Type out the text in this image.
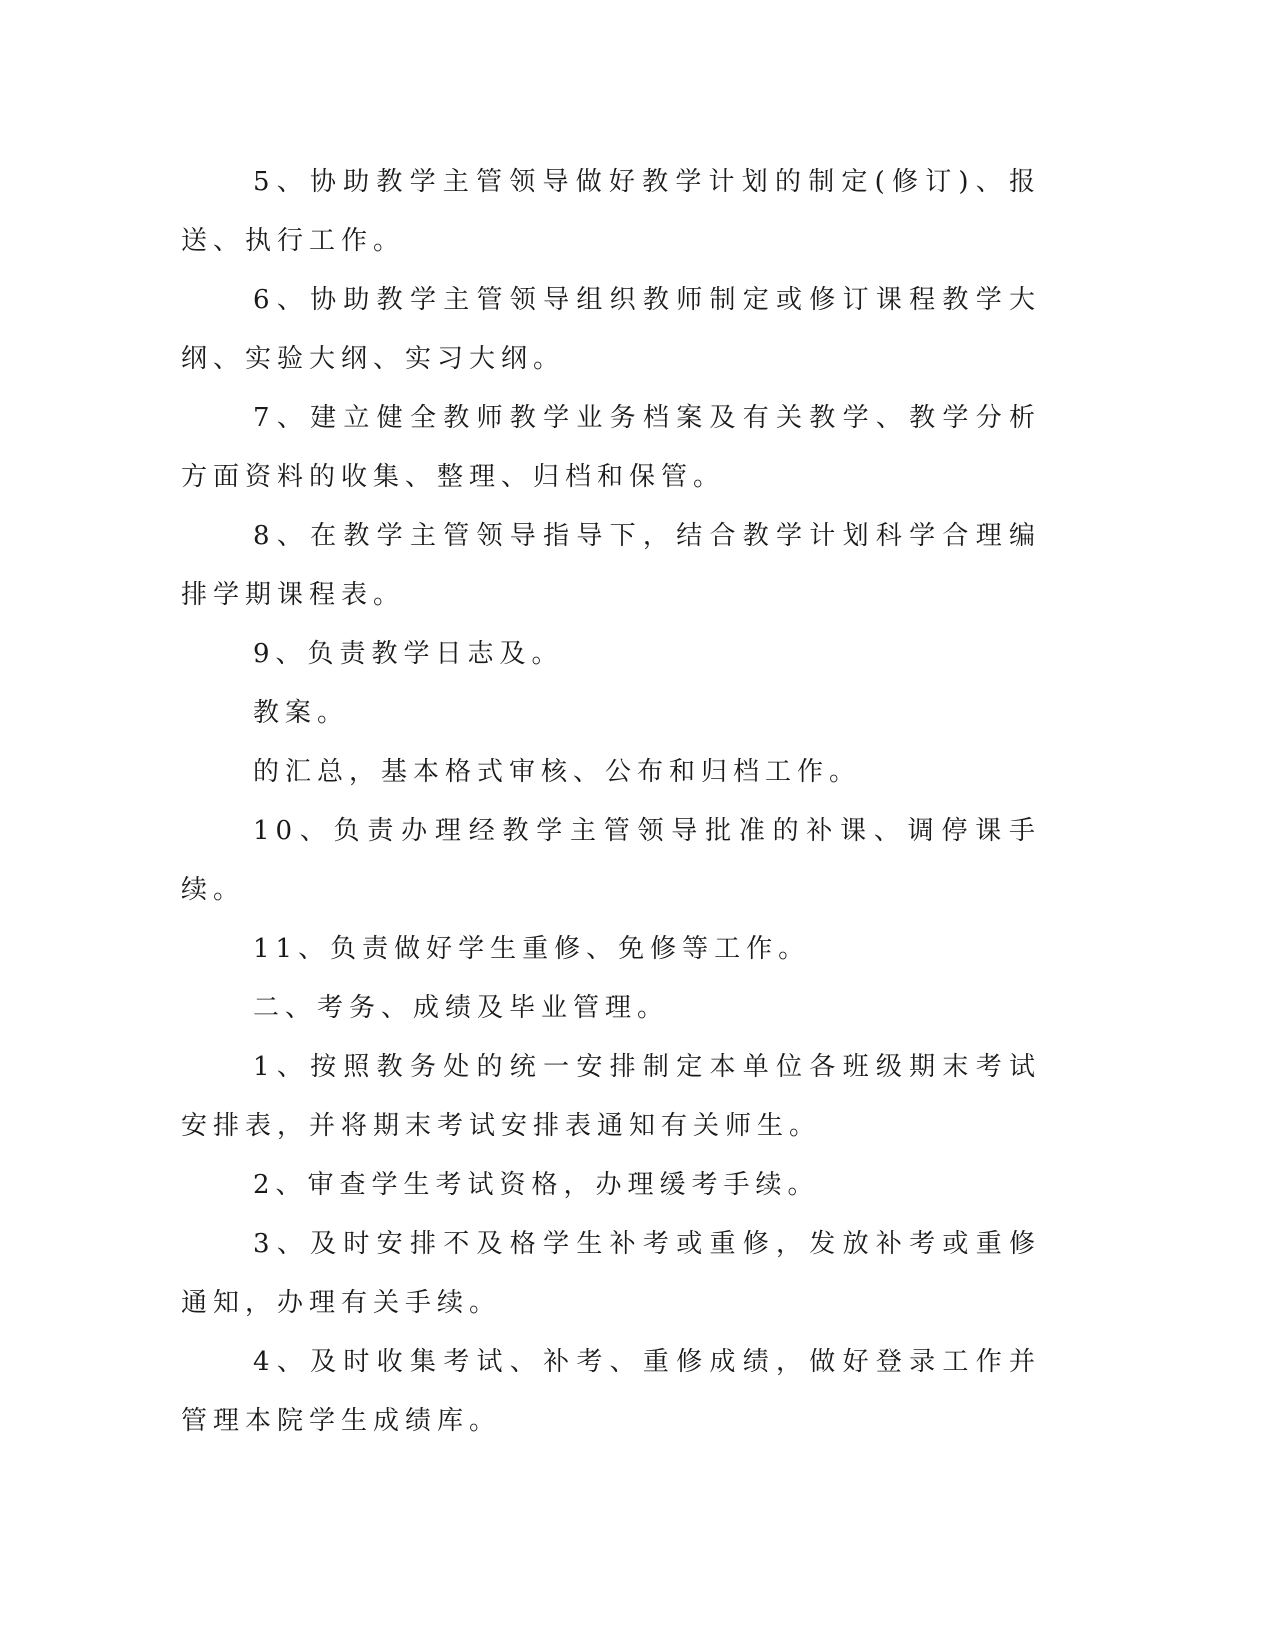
5、协助教学主管领导做好教学计划的制定(修订)、报送、执行工作。

6、协助教学主管领导组织教师制定或修订课程教学大纲、实验大纲、实习大纲。

7、建立健全教师教学业务档案及有关教学、教学分析方面资料的收集、整理、归档和保管。

8、在教学主管领导指导下，结合教学计划科学合理编排学期课程表。

9、负责教学日志及。

教案。

的汇总，基本格式审核、公布和归档工作。

10、负责办理经教学主管领导批准的补课、调停课手续。

11、负责做好学生重修、免修等工作。

二、考务、成绩及毕业管理。

1、按照教务处的统一安排制定本单位各班级期末考试安排表，并将期末考试安排表通知有关师生。

2、审查学生考试资格，办理缓考手续。

3、及时安排不及格学生补考或重修，发放补考或重修通知，办理有关手续。

4、及时收集考试、补考、重修成绩，做好登录工作并管理本院学生成绩库。
